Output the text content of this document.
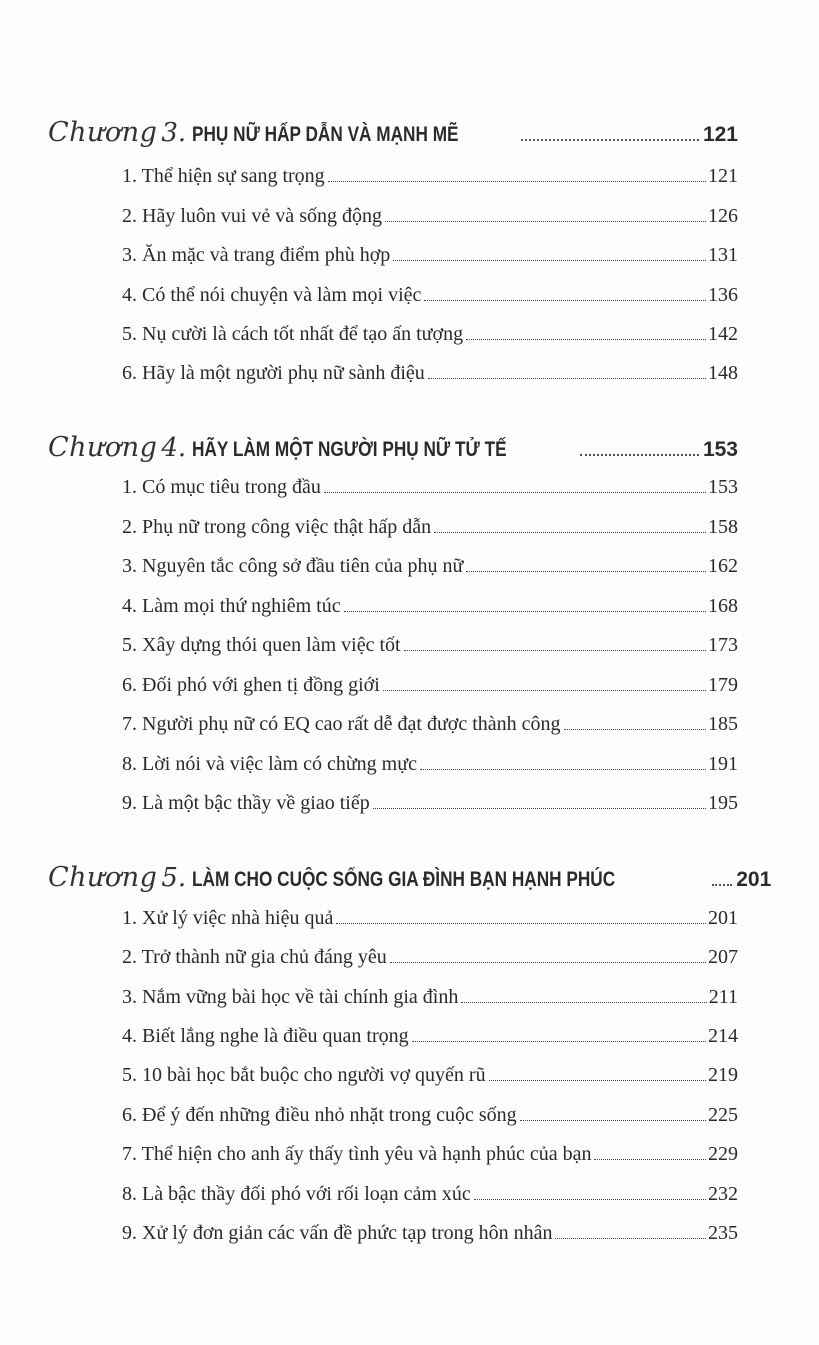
Chương 3. PHỤ NỮ HẤP DẪN VÀ MẠNH MẼ	121
1. Thể hiện sự sang trọng	121
2. Hãy luôn vui vẻ và sống động	126
3. Ăn mặc và trang điểm phù hợp	131
4. Có thể nói chuyện và làm mọi việc	136
5. Nụ cười là cách tốt nhất để tạo ấn tượng	142
6. Hãy là một người phụ nữ sành điệu	148
Chương 4. HÃY LÀM MỘT NGƯỜI PHỤ NỮ TỬ TẾ	153
1. Có mục tiêu trong đầu	153
2. Phụ nữ trong công việc thật hấp dẫn	158
3. Nguyên tắc công sở đầu tiên của phụ nữ	162
4. Làm mọi thứ nghiêm túc	168
5. Xây dựng thói quen làm việc tốt	173
6. Đối phó với ghen tị đồng giới	179
7. Người phụ nữ có EQ cao rất dễ đạt được thành công	185
8. Lời nói và việc làm có chừng mực	191
9. Là một bậc thầy về giao tiếp	195
Chương 5. LÀM CHO CUỘC SỐNG GIA ĐÌNH BẠN HẠNH PHÚC	201
1. Xử lý việc nhà hiệu quả	201
2. Trở thành nữ gia chủ đáng yêu	207
3. Nắm vững bài học về tài chính gia đình	211
4. Biết lắng nghe là điều quan trọng	214
5. 10 bài học bắt buộc cho người vợ quyến rũ	219
6. Để ý đến những điều nhỏ nhặt trong cuộc sống	225
7. Thể hiện cho anh ấy thấy tình yêu và hạnh phúc của bạn	229
8. Là bậc thầy đối phó với rối loạn cảm xúc	232
9. Xử lý đơn giản các vấn đề phức tạp trong hôn nhân	235
